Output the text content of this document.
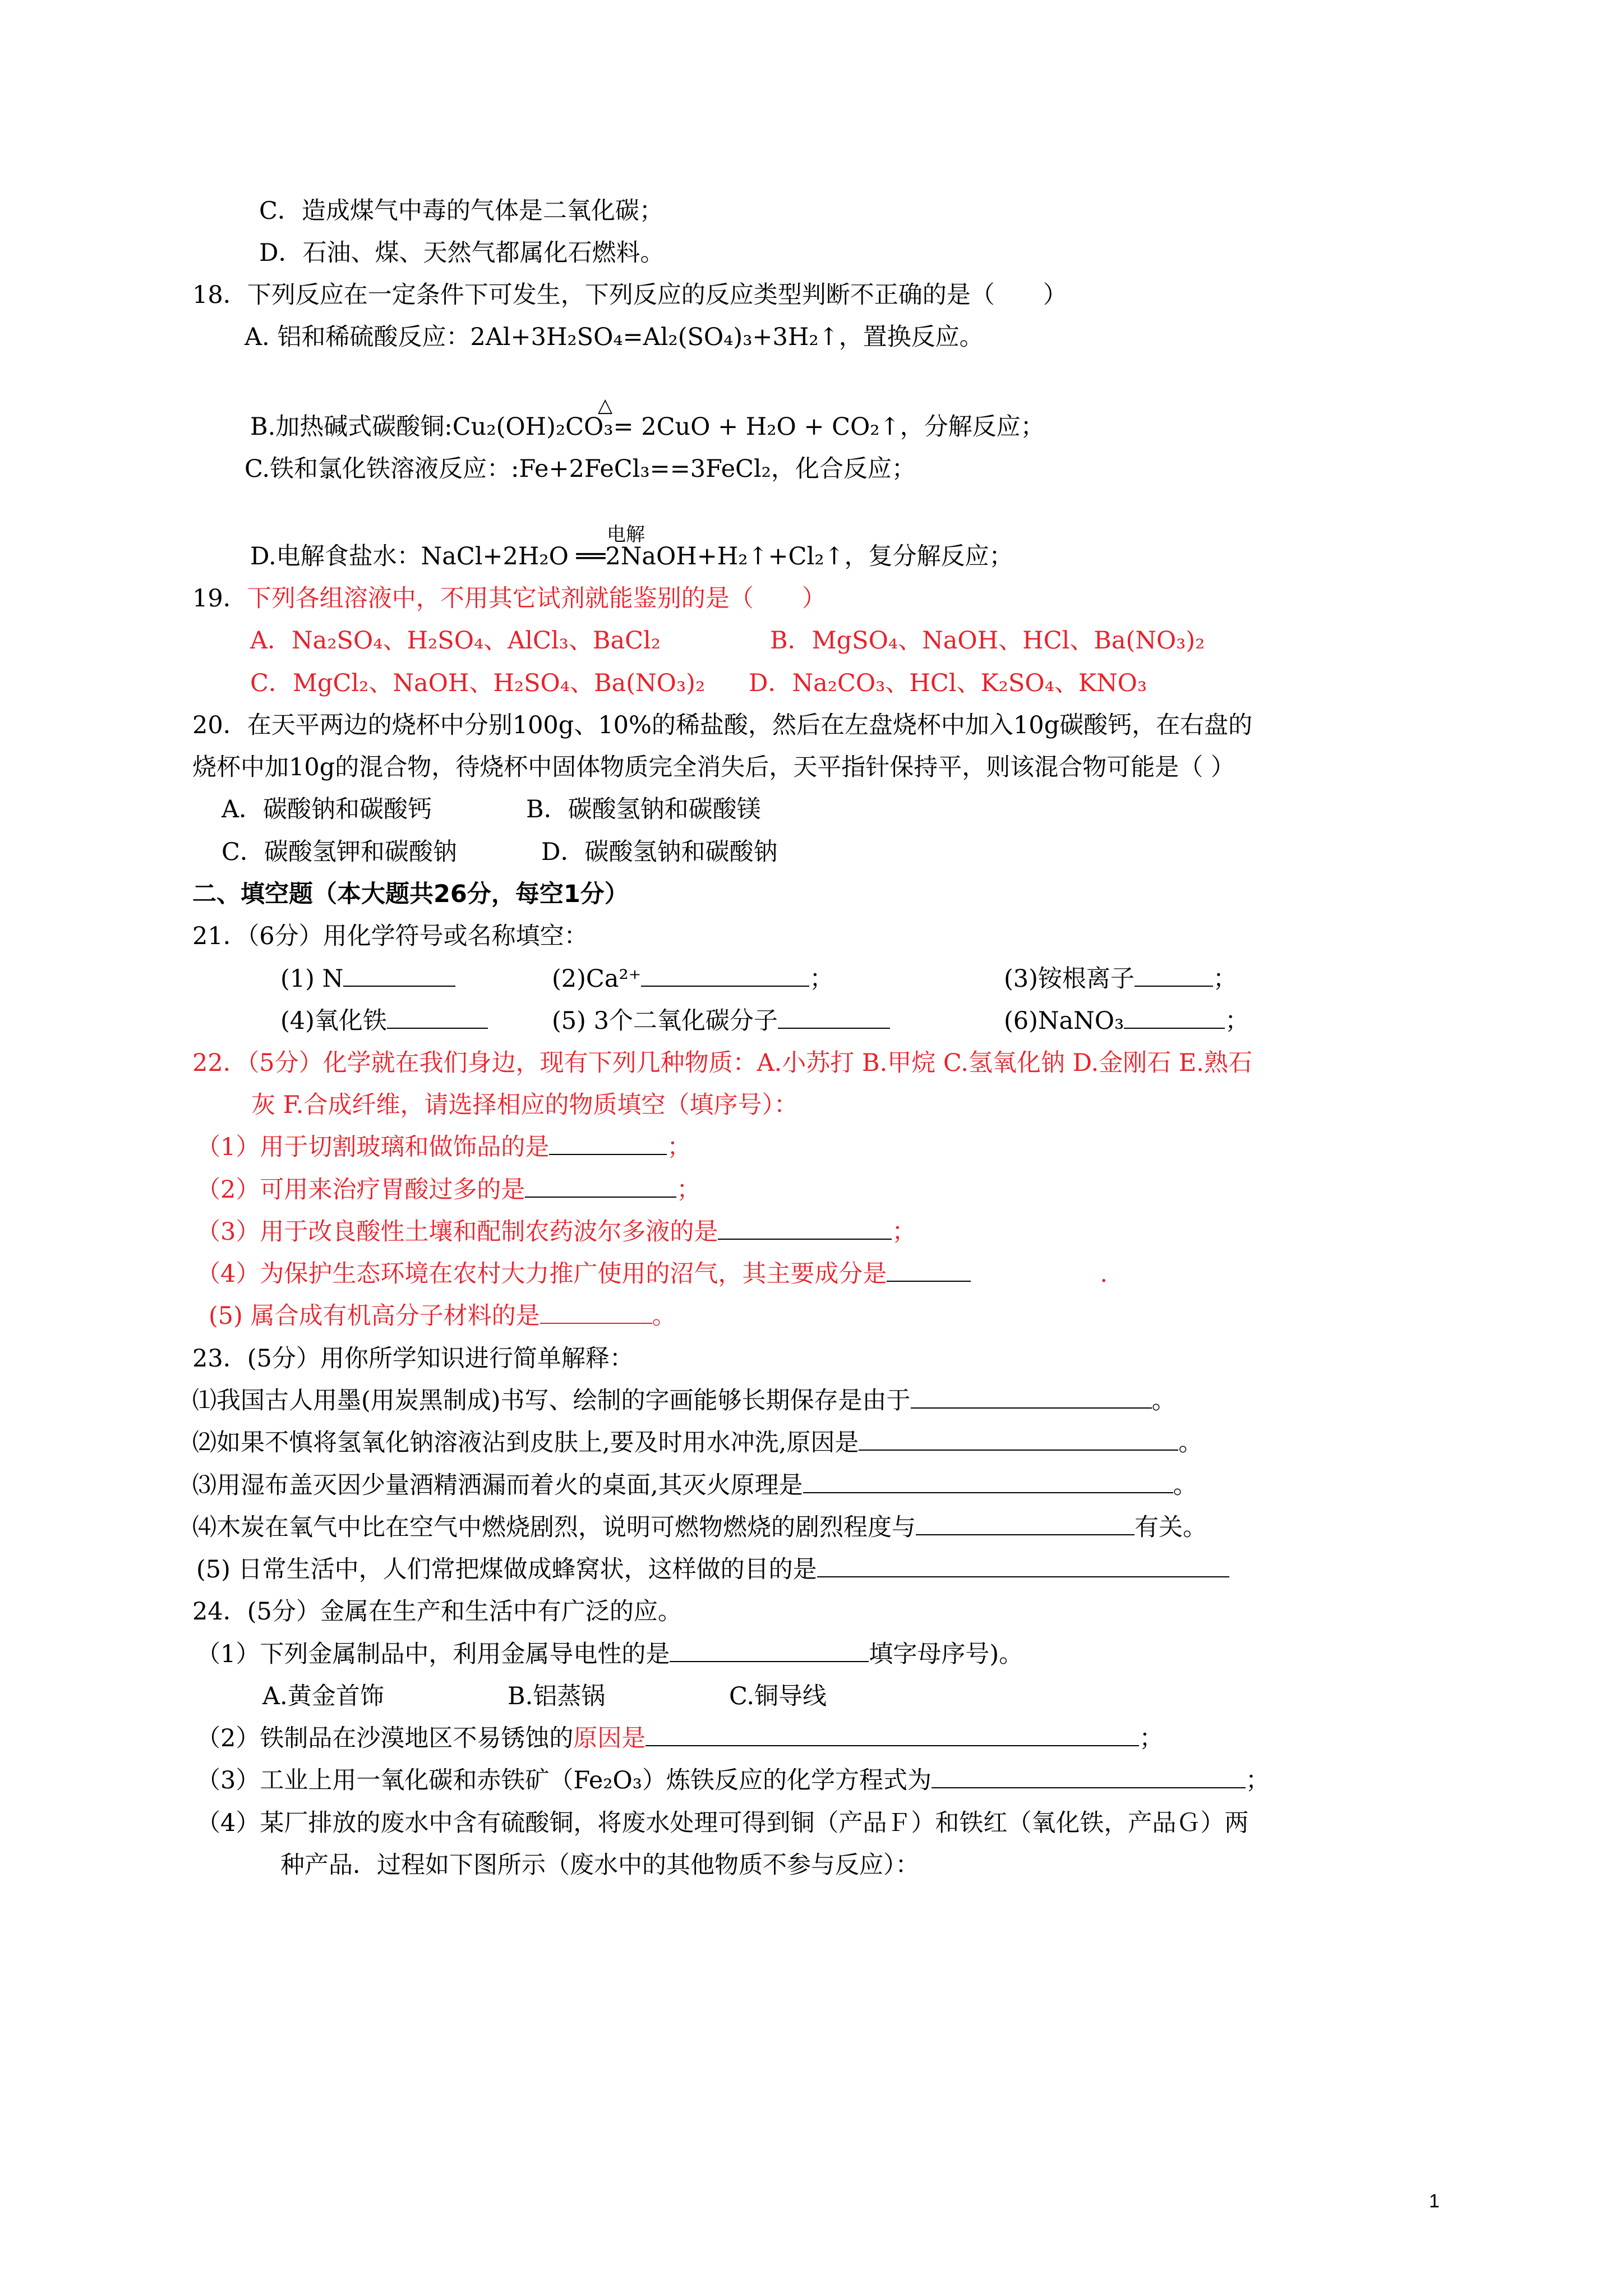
C．造成煤气中毒的气体是二氧化碳；
D．石油、煤、天然气都属化石燃料。
18．下列反应在一定条件下可发生，下列反应的反应类型判断不正确的是（　　）
A. 铝和稀硫酸反应：2Al+3H₂SO₄=Al₂(SO₄)₃+3H₂↑，置换反应。
△
B.加热碱式碳酸铜:Cu₂(OH)₂CO₃= 2CuO + H₂O + CO₂↑，分解反应；
C.铁和氯化铁溶液反应：:Fe+2FeCl₃==3FeCl₂，化合反应；
电解
D.电解食盐水：NaCl+2H₂O ══2NaOH+H₂↑+Cl₂↑，复分解反应；
19．下列各组溶液中，不用其它试剂就能鉴别的是（　　）
A．Na₂SO₄、H₂SO₄、AlCl₃、BaCl₂	B．MgSO₄、NaOH、HCl、Ba(NO₃)₂
C．MgCl₂、NaOH、H₂SO₄、Ba(NO₃)₂ D．Na₂CO₃、HCl、K₂SO₄、KNO₃
20．在天平两边的烧杯中分别100g、10%的稀盐酸，然后在左盘烧杯中加入10g碳酸钙，在右盘的
烧杯中加10g的混合物，待烧杯中固体物质完全消失后，天平指针保持平，则该混合物可能是（ ）
A．碳酸钠和碳酸钙	B．碳酸氢钠和碳酸镁
C．碳酸氢钾和碳酸钠	D．碳酸氢钠和碳酸钠
二、填空题（本大题共26分，每空1分）
21．（6分）用化学符号或名称填空：
(1) N	(2)Ca²⁺	；	(3)铵根离子	；
(4)氧化铁	(5) 3个二氧化碳分子	(6)NaNO₃	；
22．（5分）化学就在我们身边，现有下列几种物质：A.小苏打 B.甲烷 C.氢氧化钠 D.金刚石 E.熟石
灰 F.合成纤维，请选择相应的物质填空（填序号）：
（1）用于切割玻璃和做饰品的是	；
（2）可用来治疗胃酸过多的是	；
（3）用于改良酸性土壤和配制农药波尔多液的是	；
（4）为保护生态环境在农村大力推广使用的沼气，其主要成分是	.
(5) 属合成有机高分子材料的是	。
23．(5分）用你所学知识进行简单解释：
⑴我国古人用墨(用炭黑制成)书写、绘制的字画能够长期保存是由于	。
⑵如果不慎将氢氧化钠溶液沾到皮肤上,要及时用水冲洗,原因是	。
⑶用湿布盖灭因少量酒精洒漏而着火的桌面,其灭火原理是	。
⑷木炭在氧气中比在空气中燃烧剧烈，说明可燃物燃烧的剧烈程度与	有关。
(5) 日常生活中，人们常把煤做成蜂窝状，这样做的目的是
24．(5分）金属在生产和生活中有广泛的应。
（1）下列金属制品中，利用金属导电性的是	填字母序号)。
A.黄金首饰	B.铝蒸锅	C.铜导线
（2）铁制品在沙漠地区不易锈蚀的原因是	；
（3）工业上用一氧化碳和赤铁矿（Fe₂O₃）炼铁反应的化学方程式为	；
（4）某厂排放的废水中含有硫酸铜，将废水处理可得到铜（产品Ｆ）和铁红（氧化铁，产品Ｇ）两
种产品．过程如下图所示（废水中的其他物质不参与反应）：
1
